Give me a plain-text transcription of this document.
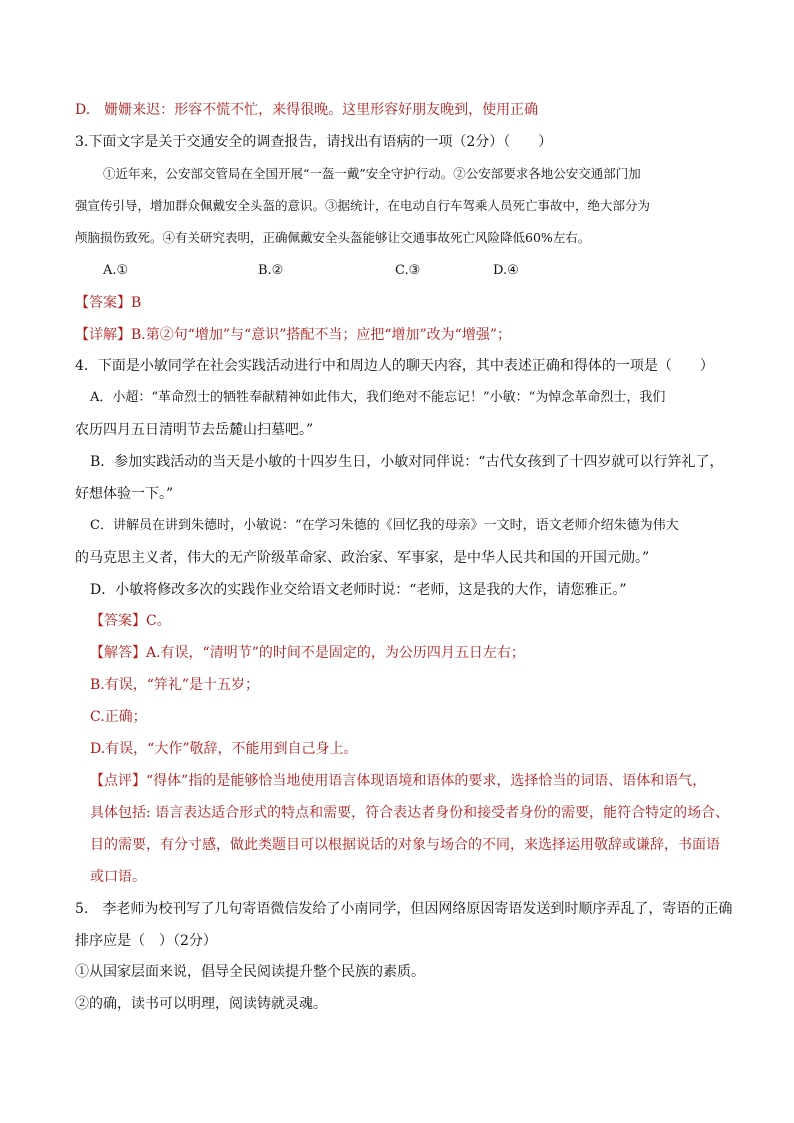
D.　姗姗来迟：形容不慌不忙，来得很晚。这里形容好朋友晚到，使用正确
3.下面文字是关于交通安全的调查报告，请找出有语病的一项（2分）（　　）
①近年来，公安部交管局在全国开展“一盔一戴”安全守护行动。②公安部要求各地公安交通部门加
强宣传引导，增加群众佩戴安全头盔的意识。③据统计，在电动自行车驾乘人员死亡事故中，绝大部分为
颅脑损伤致死。④有关研究表明，正确佩戴安全头盔能够让交通事故死亡风险降低60%左右。
A.①	B.②	C.③	D.④
【答案】B
【详解】B.第②句“增加”与“意识”搭配不当；应把“增加”改为“增强”；
4．下面是小敏同学在社会实践活动进行中和周边人的聊天内容，其中表述正确和得体的一项是（　　）
A．小超：“革命烈士的牺牲奉献精神如此伟大，我们绝对不能忘记！”小敏：“为悼念革命烈士，我们
农历四月五日清明节去岳麓山扫墓吧。”
B．参加实践活动的当天是小敏的十四岁生日，小敏对同伴说：“古代女孩到了十四岁就可以行笄礼了，
好想体验一下。”
C．讲解员在讲到朱德时，小敏说：“在学习朱德的《回忆我的母亲》一文时，语文老师介绍朱德为伟大
的马克思主义者，伟大的无产阶级革命家、政治家、军事家，是中华人民共和国的开国元勋。”
D．小敏将修改多次的实践作业交给语文老师时说：“老师，这是我的大作，请您雅正。”
【答案】C。
【解答】A.有误，“清明节”的时间不是固定的，为公历四月五日左右；
B.有误，“笄礼”是十五岁；
C.正确；
D.有误，“大作”敬辞，不能用到自己身上。
【点评】“得体”指的是能够恰当地使用语言体现语境和语体的要求，选择恰当的词语、语体和语气，
具体包括: 语言表达适合形式的特点和需要，符合表达者身份和接受者身份的需要，能符合特定的场合、
目的需要，有分寸感，做此类题目可以根据说话的对象与场合的不同，来选择运用敬辞或谦辞，书面语
或口语。
5.　李老师为校刊写了几句寄语微信发给了小南同学，但因网络原因寄语发送到时顺序弄乱了，寄语的正确
排序应是（　）（2分）
①从国家层面来说，倡导全民阅读提升整个民族的素质。
②的确，读书可以明理，阅读铸就灵魂。
